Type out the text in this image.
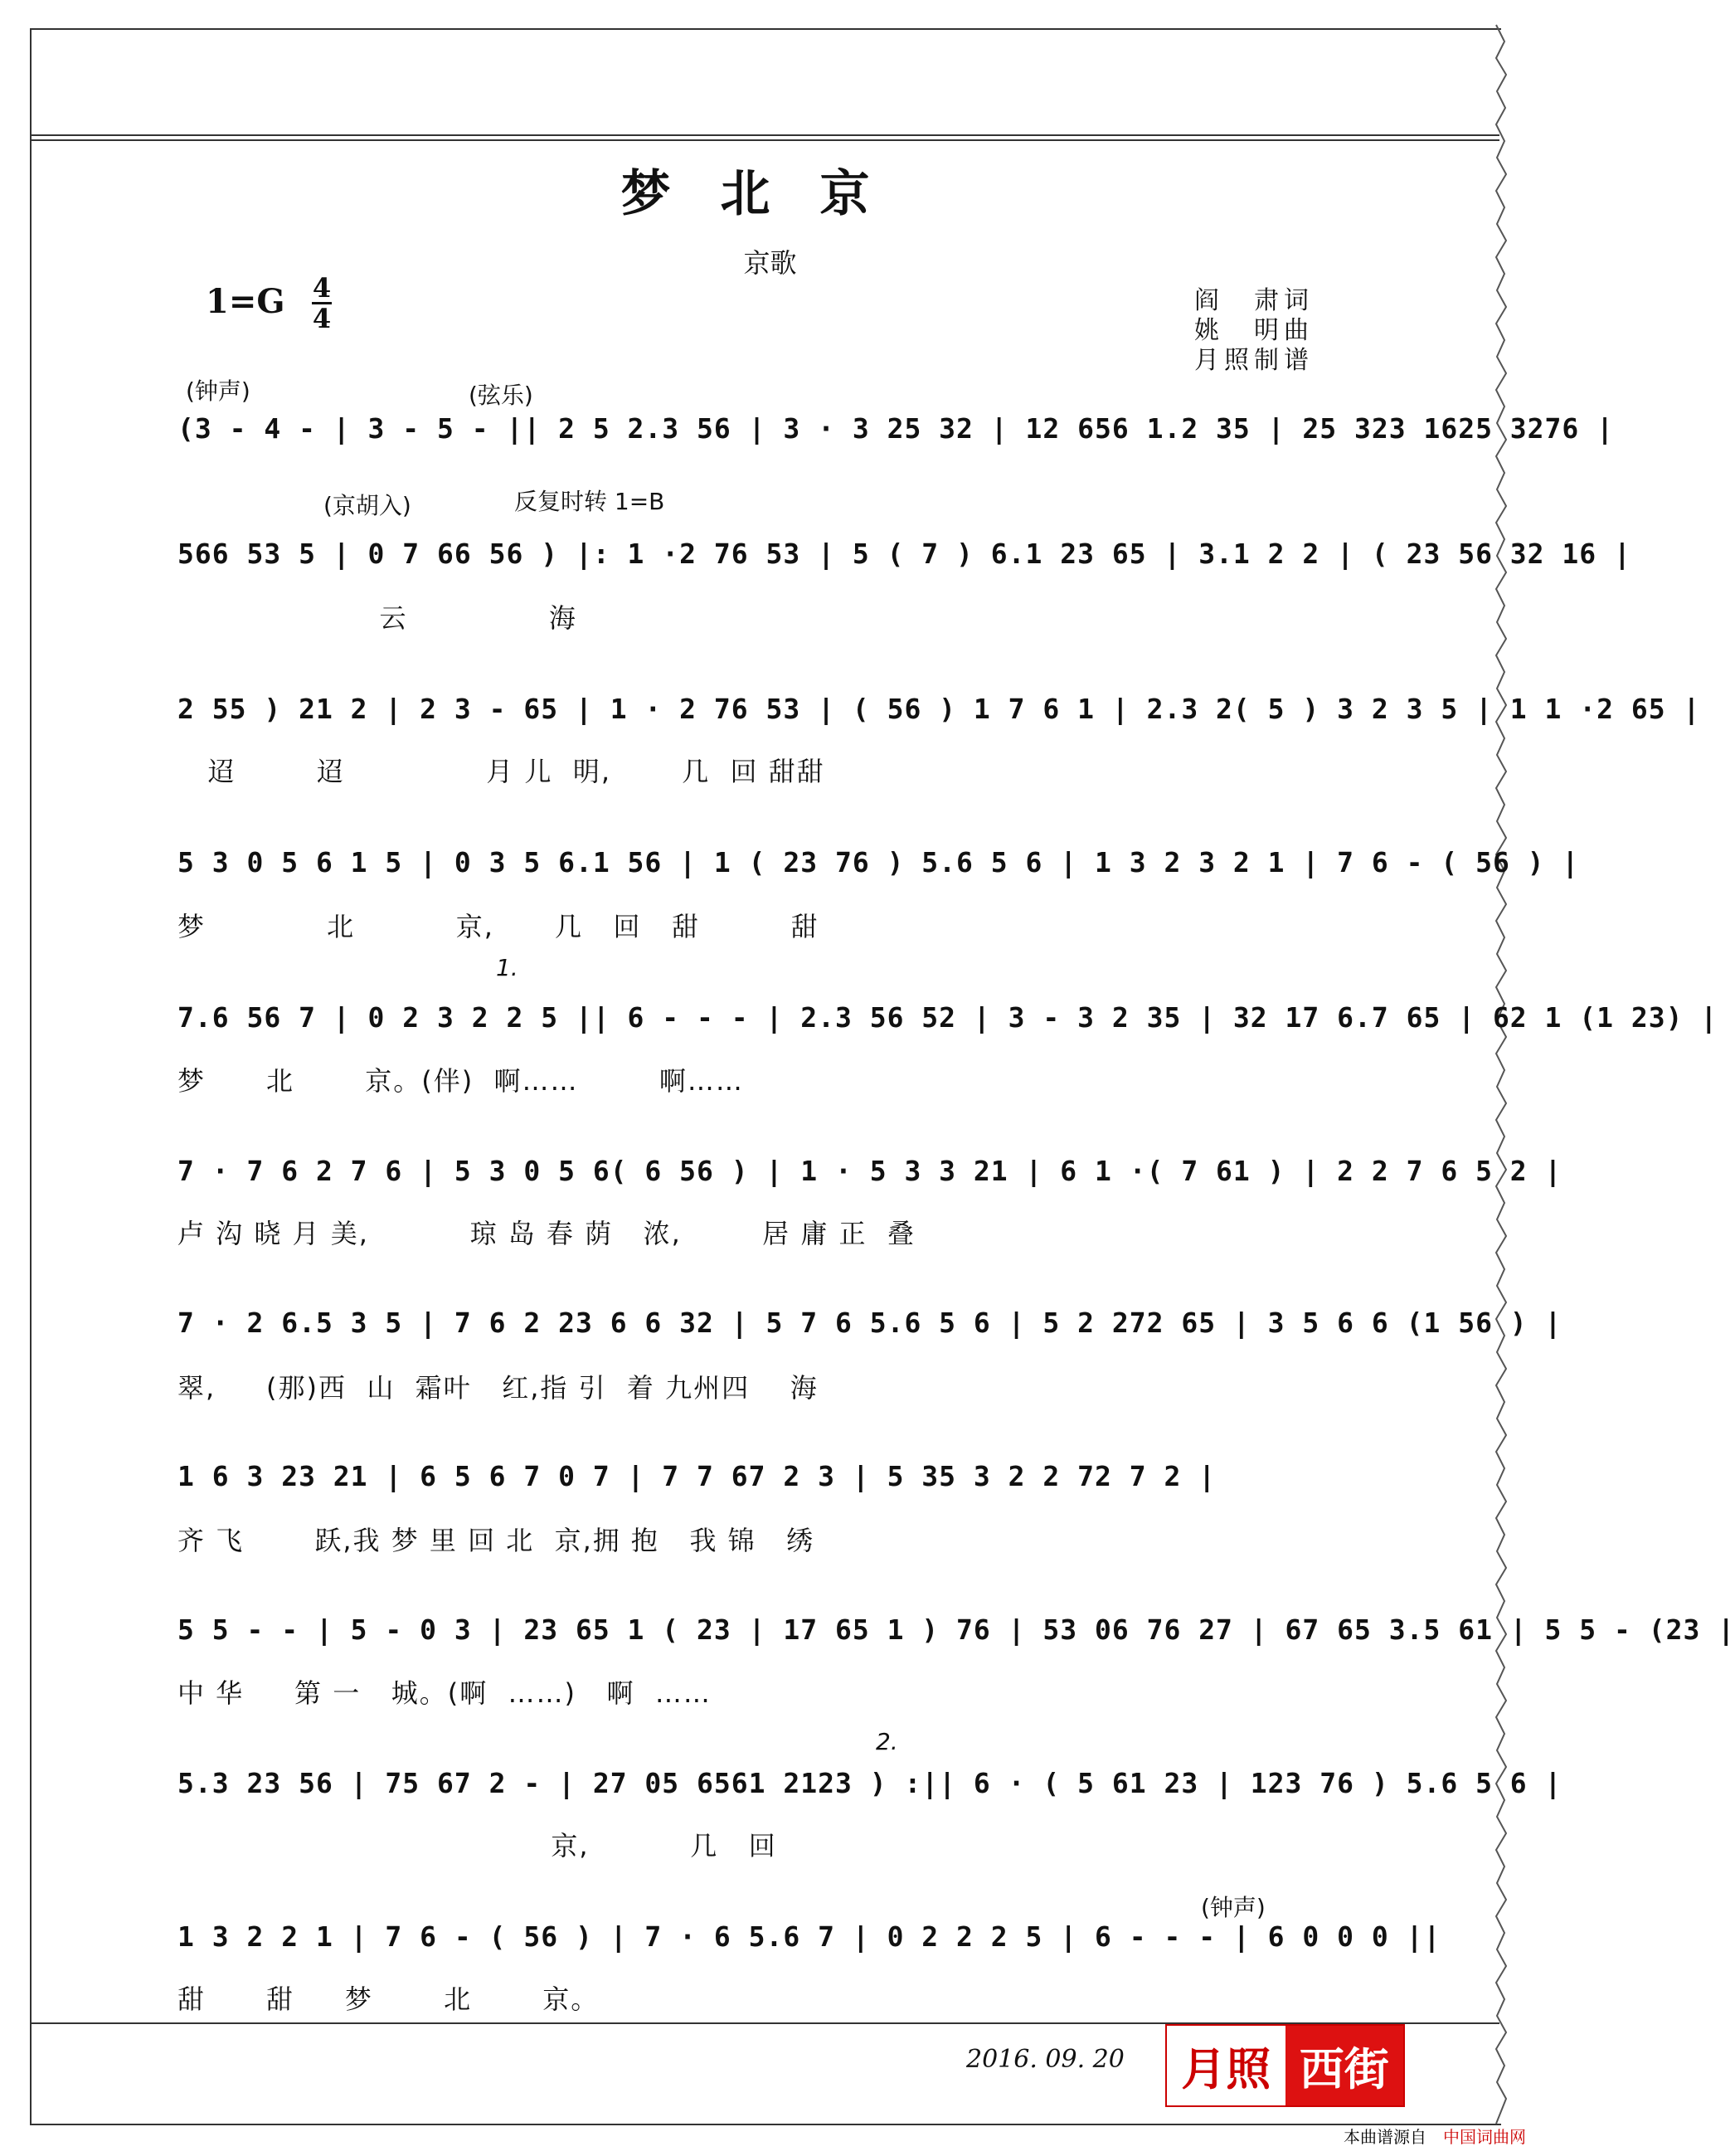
梦北京
京歌
1=G 4
4
阎　肃词
姚　明曲
月照制谱
(钟声)	(弦乐)
(京胡入)	反复时转 1=B
1.
2.
(钟声)
(3 - 4 - | 3 - 5 - || 2 5 2.3 56 | 3 · 3 25 32 | 12 656 1.2 35 | 25 323 1625 3276 |
566 53 5 | 0 7 66 56 ) |: 1 ·2 76 53 | 5 ( 7 ) 6.1 23 65 | 3.1 2 2 | ( 23 56 32 16 |
云              海
2 55 ) 21 2 | 2 3 - 65 | 1 · 2 76 53 | ( 56 ) 1 7 6 1 | 2.3 2( 5 ) 3 2 3 5 | 1 1 ·2 65 |
迢        迢              月 儿  明,       几  回 甜甜
5 3 0 5 6 1 5 | 0 3 5 6.1 56 | 1 ( 23 76 ) 5.6 5 6 | 1 3 2 3 2 1 | 7 6 - ( 56 ) |
梦            北          京,      几   回   甜         甜
7.6 56 7 | 0 2 3 2 2 5 || 6 - - - | 2.3 56 52 | 3 - 3 2 35 | 32 17 6.7 65 | 62 1 (1 23) |
梦      北       京。(伴)  啊……        啊……
7 · 7 6 2 7 6 | 5 3 0 5 6( 6 56 ) | 1 · 5 3 3 21 | 6 1 ·( 7 61 ) | 2 2 7 6 5 2 |
卢 沟 晓 月 美,          琼 岛 春 荫   浓,        居 庸 正  叠
7 · 2 6.5 3 5 | 7 6 2 23 6 6 32 | 5 7 6 5.6 5 6 | 5 2 272 65 | 3 5 6 6 (1 56 ) |
翠,     (那)西  山  霜叶   红,指 引  着 九州四    海
1 6 3 23 21 | 6 5 6 7 0 7 | 7 7 67 2 3 | 5 35 3 2 2 72 7 2 |
齐 飞       跃,我 梦 里 回 北  京,拥 抱   我 锦   绣
5 5 - - | 5 - 0 3 | 23 65 1 ( 23 | 17 65 1 ) 76 | 53 06 76 27 | 67 65 3.5 61 | 5 5 - (23 |
中 华     第 一   城。(啊  ……)   啊  ……
5.3 23 56 | 75 67 2 - | 27 05 6561 2123 ) :|| 6 · ( 5 61 23 | 123 76 ) 5.6 5 6 |
京,          几   回
1 3 2 2 1 | 7 6 - ( 56 ) | 7 · 6 5.6 7 | 0 2 2 2 5 | 6 - - - | 6 0 0 0 ||
甜      甜     梦       北       京。
2016. 09. 20	月照 西街
本曲谱源自 中国词曲网
